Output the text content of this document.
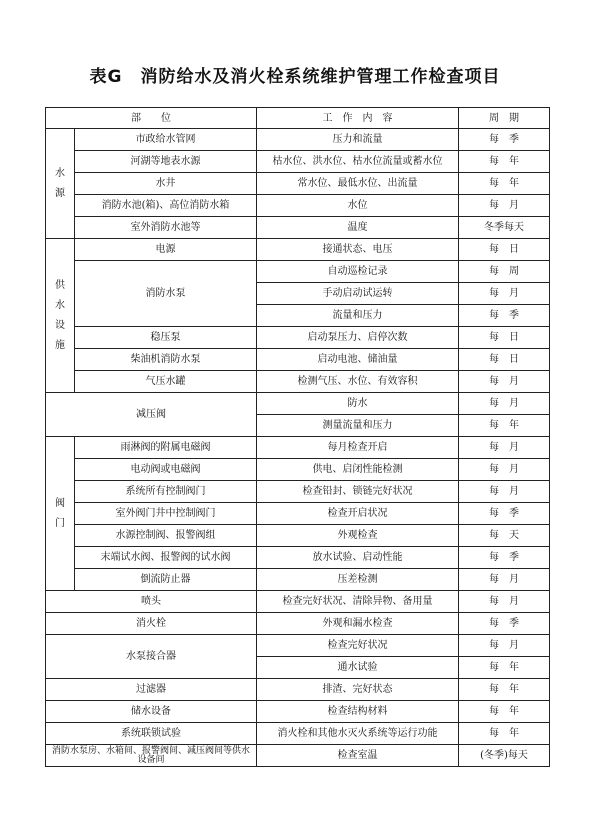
表G　消防给水及消火栓系统维护管理工作检查项目
部　　位		工　作　内　容	周　期

水
源	市政给水管网	压力和流量	每　季
	河湖等地表水源	枯水位、洪水位、枯水位流量或蓄水位	每　年
	水井	常水位、最低水位、出流量	每　年
	消防水池(箱)、高位消防水箱	水位	每　月
	室外消防水池等	温度	冬季每天

供
水
设
施	电源	接通状态、电压	每　日
	消防水泵	自动巡检记录	每　周
		手动启动试运转	每　月
		流量和压力	每　季
	稳压泵	启动泵压力、启停次数	每　日
	柴油机消防水泵	启动电池、储油量	每　日
	气压水罐	检测气压、水位、有效容积	每　月
减压阀		防水	每　月
		测量流量和压力	每　年

阀
门	雨淋阀的附属电磁阀	每月检查开启	每　月
	电动阀或电磁阀	供电、启闭性能检测	每　月
	系统所有控制阀门	检查铅封、锁链完好状况	每　月
	室外阀门井中控制阀门	检查开启状况	每　季
	水源控制阀、报警阀组	外观检查	每　天
	末端试水阀、报警阀的试水阀	放水试验、启动性能	每　季
	倒流防止器	压差检测	每　月
喷头		检查完好状况、清除异物、备用量	每　月
消火栓		外观和漏水检查	每　季
水泵接合器		检查完好状况	每　月
		通水试验	每　年
过滤器		排渣、完好状态	每　年
储水设备		检查结构材料	每　年
系统联锁试验		消火栓和其他水灭火系统等运行功能	每　年
消防水泵房、水箱间、报警阀间、减压阀间等供水设备间		检查室温	(冬季)每天
